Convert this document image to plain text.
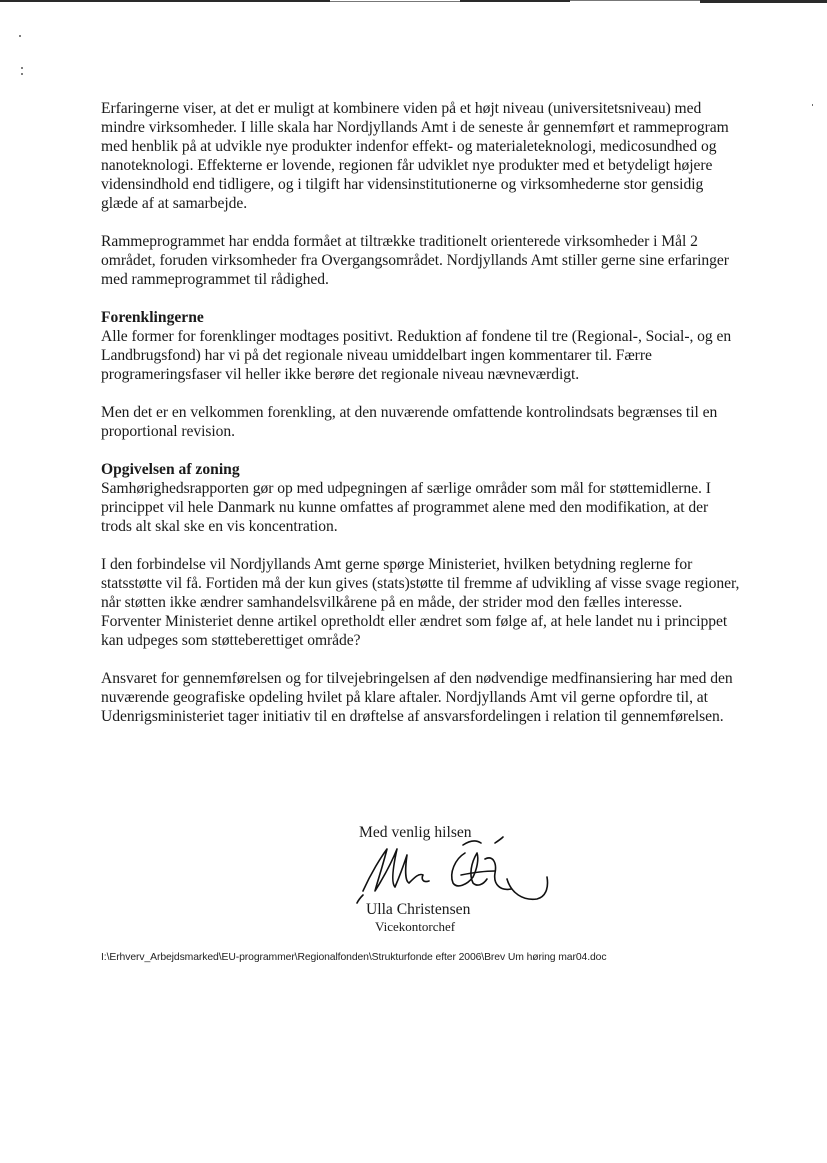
Erfaringerne viser, at det er muligt at kombinere viden på et højt niveau (universitetsniveau) med mindre virksomheder. I lille skala har Nordjyllands Amt i de seneste år gennemført et rammeprogram med henblik på at udvikle nye produkter indenfor effekt- og materialeteknologi, medicosundhed og nanoteknologi. Effekterne er lovende, regionen får udviklet nye produkter med et betydeligt højere vidensindhold end tidligere, og i tilgift har vidensinstitutionerne og virksomhederne stor gensidig glæde af at samarbejde.

Rammeprogrammet har endda formået at tiltrække traditionelt orienterede virksomheder i Mål 2 området, foruden virksomheder fra Overgangsområdet. Nordjyllands Amt stiller gerne sine erfaringer med rammeprogrammet til rådighed.

Forenklingerne

Alle former for forenklinger modtages positivt. Reduktion af fondene til tre (Regional-, Social-, og en Landbrugsfond) har vi på det regionale niveau umiddelbart ingen kommentarer til. Færre programeringsfaser vil heller ikke berøre det regionale niveau nævneværdigt.

Men det er en velkommen forenkling, at den nuværende omfattende kontrolindsats begrænses til en proportional revision.

Opgivelsen af zoning

Samhørighedsrapporten gør op med udpegningen af særlige områder som mål for støttemidlerne. I princippet vil hele Danmark nu kunne omfattes af programmet alene med den modifikation, at der trods alt skal ske en vis koncentration.

I den forbindelse vil Nordjyllands Amt gerne spørge Ministeriet, hvilken betydning reglerne for statsstøtte vil få. Fortiden må der kun gives (stats)støtte til fremme af udvikling af visse svage regioner, når støtten ikke ændrer samhandelsvilkårene på en måde, der strider mod den fælles interesse. Forventer Ministeriet denne artikel opretholdt eller ændret som følge af, at hele landet nu i princippet kan udpeges som støtteberettiget område?

Ansvaret for gennemførelsen og for tilvejebringelsen af den nødvendige medfinansiering har med den nuværende geografiske opdeling hvilet på klare aftaler. Nordjyllands Amt vil gerne opfordre til, at Udenrigsministeriet tager initiativ til en drøftelse af ansvarsfordelingen i relation til gennemførelsen.

Med venlig hilsen
Ulla Christensen
Vicekontorchef
I:\Erhverv_Arbejdsmarked\EU-programmer\Regionalfonden\Strukturfonde efter 2006\Brev Um høring mar04.doc
